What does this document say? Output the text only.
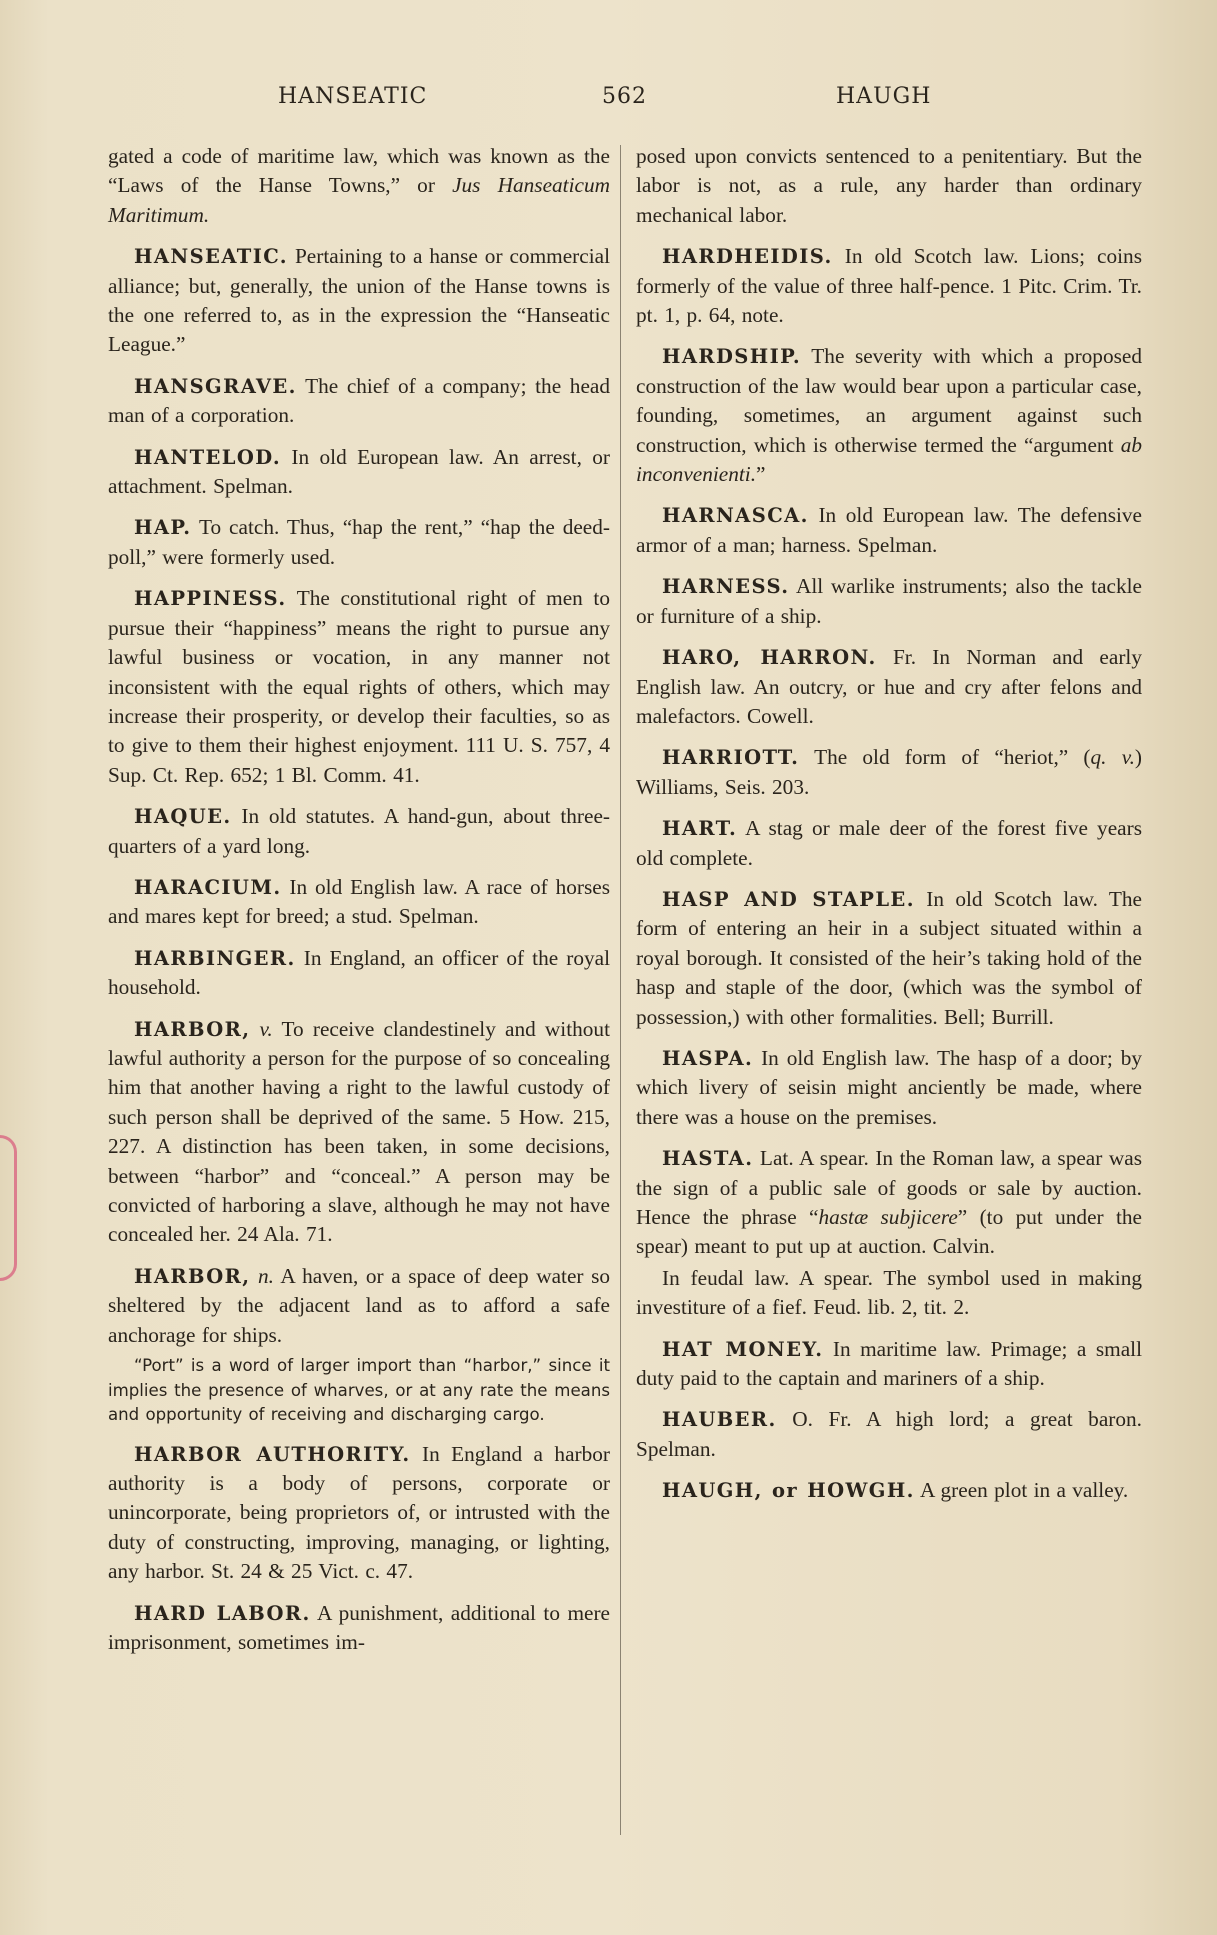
HANSEATIC	562	HAUGH

gated a code of maritime law, which was known as the “Laws of the Hanse Towns,” or Jus Hanseaticum Maritimum.

HANSEATIC. Pertaining to a hanse or commercial alliance; but, generally, the union of the Hanse towns is the one referred to, as in the expression the “Hanseatic League.”

HANSGRAVE. The chief of a company; the head man of a corporation.

HANTELOD. In old European law. An arrest, or attachment. Spelman.

HAP. To catch. Thus, “hap the rent,” “hap the deed-poll,” were formerly used.

HAPPINESS. The constitutional right of men to pursue their “happiness” means the right to pursue any lawful business or vocation, in any manner not inconsistent with the equal rights of others, which may increase their prosperity, or develop their faculties, so as to give to them their highest enjoyment. 111 U. S. 757, 4 Sup. Ct. Rep. 652; 1 Bl. Comm. 41.

HAQUE. In old statutes. A hand-gun, about three-quarters of a yard long.

HARACIUM. In old English law. A race of horses and mares kept for breed; a stud. Spelman.

HARBINGER. In England, an officer of the royal household.

HARBOR, v. To receive clandestinely and without lawful authority a person for the purpose of so concealing him that another having a right to the lawful custody of such person shall be deprived of the same. 5 How. 215, 227. A distinction has been taken, in some decisions, between “harbor” and “conceal.” A person may be convicted of harboring a slave, although he may not have concealed her. 24 Ala. 71.

HARBOR, n. A haven, or a space of deep water so sheltered by the adjacent land as to afford a safe anchorage for ships.

“Port” is a word of larger import than “harbor,” since it implies the presence of wharves, or at any rate the means and opportunity of receiving and discharging cargo.

HARBOR AUTHORITY. In England a harbor authority is a body of persons, corporate or unincorporate, being proprietors of, or intrusted with the duty of constructing, improving, managing, or lighting, any harbor. St. 24 & 25 Vict. c. 47.

HARD LABOR. A punishment, additional to mere imprisonment, sometimes im-

posed upon convicts sentenced to a penitentiary. But the labor is not, as a rule, any harder than ordinary mechanical labor.

HARDHEIDIS. In old Scotch law. Lions; coins formerly of the value of three half-pence. 1 Pitc. Crim. Tr. pt. 1, p. 64, note.

HARDSHIP. The severity with which a proposed construction of the law would bear upon a particular case, founding, sometimes, an argument against such construction, which is otherwise termed the “argument ab inconvenienti.”

HARNASCA. In old European law. The defensive armor of a man; harness. Spelman.

HARNESS. All warlike instruments; also the tackle or furniture of a ship.

HARO, HARRON. Fr. In Norman and early English law. An outcry, or hue and cry after felons and malefactors. Cowell.

HARRIOTT. The old form of “heriot,” (q. v.) Williams, Seis. 203.

HART. A stag or male deer of the forest five years old complete.

HASP AND STAPLE. In old Scotch law. The form of entering an heir in a subject situated within a royal borough. It consisted of the heir’s taking hold of the hasp and staple of the door, (which was the symbol of possession,) with other formalities. Bell; Burrill.

HASPA. In old English law. The hasp of a door; by which livery of seisin might anciently be made, where there was a house on the premises.

HASTA. Lat. A spear. In the Roman law, a spear was the sign of a public sale of goods or sale by auction. Hence the phrase “hastæ subjicere” (to put under the spear) meant to put up at auction. Calvin.

In feudal law. A spear. The symbol used in making investiture of a fief. Feud. lib. 2, tit. 2.

HAT MONEY. In maritime law. Primage; a small duty paid to the captain and mariners of a ship.

HAUBER. O. Fr. A high lord; a great baron. Spelman.

HAUGH, or HOWGH. A green plot in a valley.
